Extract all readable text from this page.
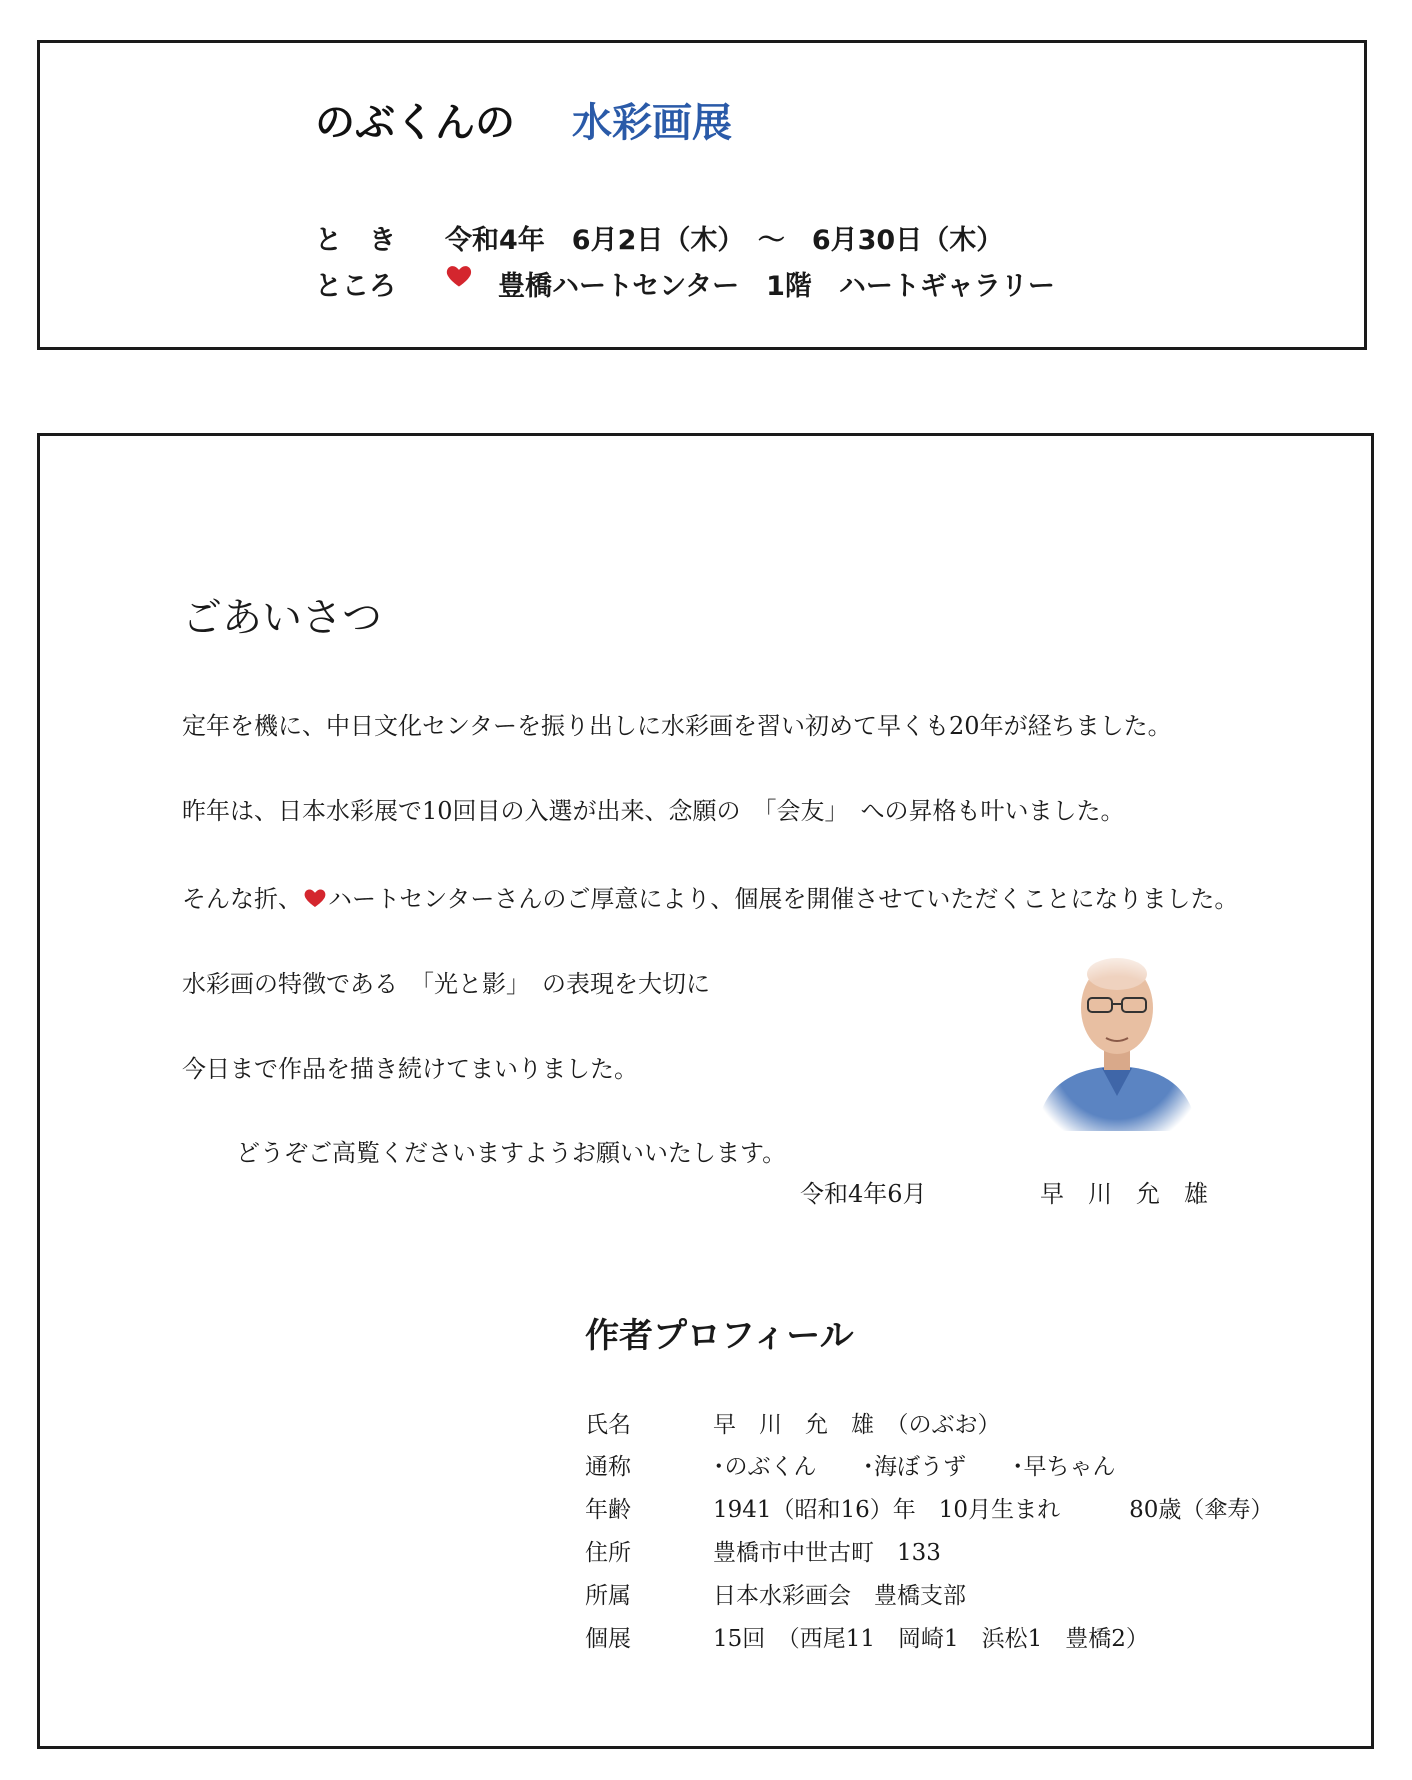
のぶくんの 水彩画展
と　き 令和4年　6月2日（木）　～　6月30日（木）
ところ	豊橋ハートセンター　1階　ハートギャラリー
ごあいさつ
定年を機に、中日文化センターを振り出しに水彩画を習い初めて早くも20年が経ちました。
昨年は、日本水彩展で10回目の入選が出来、念願の　「会友」　への昇格も叶いました。
そんな折、 ハートセンターさんのご厚意により、個展を開催させていただくことになりました。
水彩画の特徴である　「光と影」　の表現を大切に
今日まで作品を描き続けてまいりました。
どうぞご高覧くださいますようお願いいたします。
令和4年6月	早　川　允　雄
作者プロフィール
氏名	早　川　允　雄　（のぶお）
通称	･のぶくん　　･海ぼうず　　･早ちゃん
年齢	1941（昭和16）年　10月生まれ　　　80歳（傘寿）
住所	豊橋市中世古町　133
所属	日本水彩画会　豊橋支部
個展	15回　（西尾11　岡崎1　浜松1　豊橋2）
